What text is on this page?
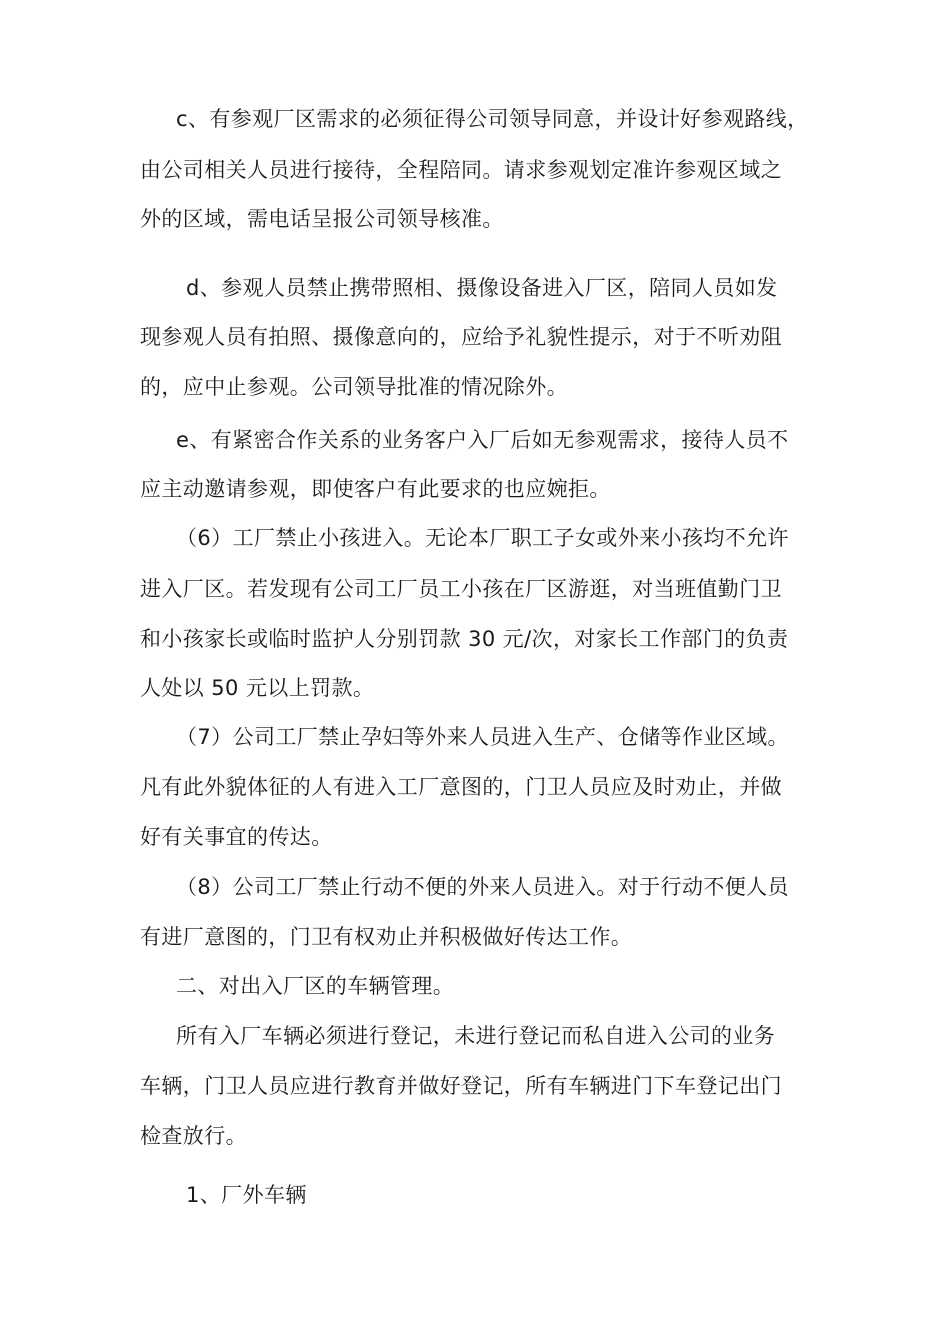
c、有参观厂区需求的必须征得公司领导同意，并设计好参观路线，
由公司相关人员进行接待，全程陪同。请求参观划定准许参观区域之
外的区域，需电话呈报公司领导核准。
d、参观人员禁止携带照相、摄像设备进入厂区，陪同人员如发
现参观人员有拍照、摄像意向的，应给予礼貌性提示，对于不听劝阻
的，应中止参观。公司领导批准的情况除外。
e、有紧密合作关系的业务客户入厂后如无参观需求，接待人员不
应主动邀请参观，即使客户有此要求的也应婉拒。
（6）工厂禁止小孩进入。无论本厂职工子女或外来小孩均不允许
进入厂区。若发现有公司工厂员工小孩在厂区游逛，对当班值勤门卫
和小孩家长或临时监护人分别罚款 30 元/次，对家长工作部门的负责
人处以 50 元以上罚款。
（7）公司工厂禁止孕妇等外来人员进入生产、仓储等作业区域。
凡有此外貌体征的人有进入工厂意图的，门卫人员应及时劝止，并做
好有关事宜的传达。
（8）公司工厂禁止行动不便的外来人员进入。对于行动不便人员
有进厂意图的，门卫有权劝止并积极做好传达工作。
二、对出入厂区的车辆管理。
所有入厂车辆必须进行登记，未进行登记而私自进入公司的业务
车辆，门卫人员应进行教育并做好登记，所有车辆进门下车登记出门
检查放行。
1、厂外车辆
